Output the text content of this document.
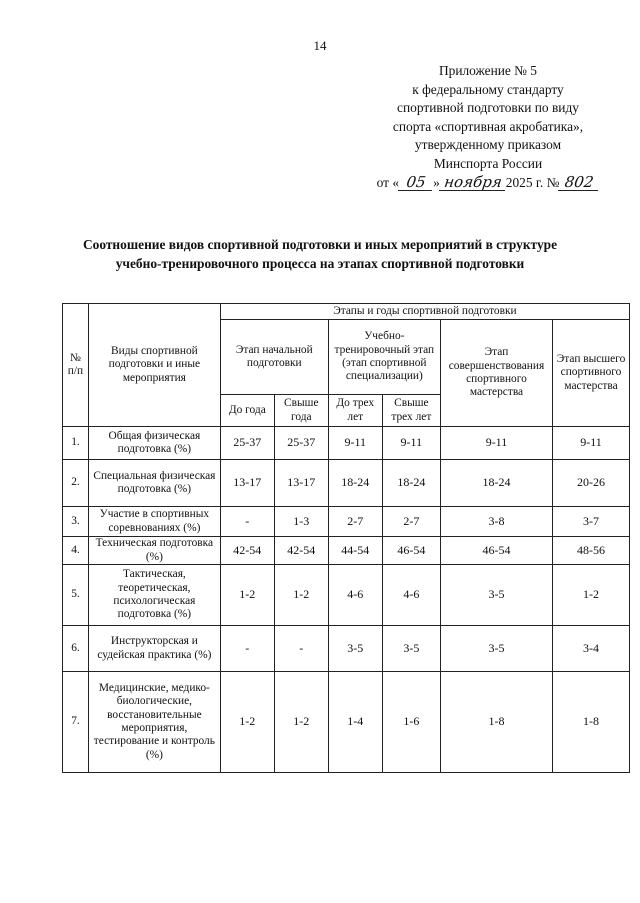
14
Приложение № 5
к федеральному стандарту
спортивной подготовки по виду
спорта «спортивная акробатика»,
утвержденному приказом
Минспорта России
от « 05 » ноября 2025 г. № 802
Соотношение видов спортивной подготовки и иных мероприятий в структуре
учебно-тренировочного процесса на этапах спортивной подготовки
№ п/п	Виды спортивной подготовки и иные мероприятия	Этапы и годы спортивной подготовки					
		Этап начальной подготовки		Учебно-тренировочный этап (этап спортивной специализации)		Этап совершенствования спортивного мастерства	Этап высшего спортивного мастерства
		До года	Свыше года	До трех лет	Свыше трех лет		
1.	Общая физическая подготовка (%)	25-37	25-37	9-11	9-11	9-11	9-11
2.	Специальная физическая подготовка (%)	13-17	13-17	18-24	18-24	18-24	20-26
3.	Участие в спортивных соревнованиях (%)	-	1-3	2-7	2-7	3-8	3-7
4.	Техническая подготовка (%)	42-54	42-54	44-54	46-54	46-54	48-56
5.	Тактическая, теоретическая, психологическая подготовка (%)	1-2	1-2	4-6	4-6	3-5	1-2
6.	Инструкторская и судейская практика (%)	-	-	3-5	3-5	3-5	3-4
7.	Медицинские, медико-биологические, восстановительные мероприятия, тестирование и контроль (%)	1-2	1-2	1-4	1-6	1-8	1-8
